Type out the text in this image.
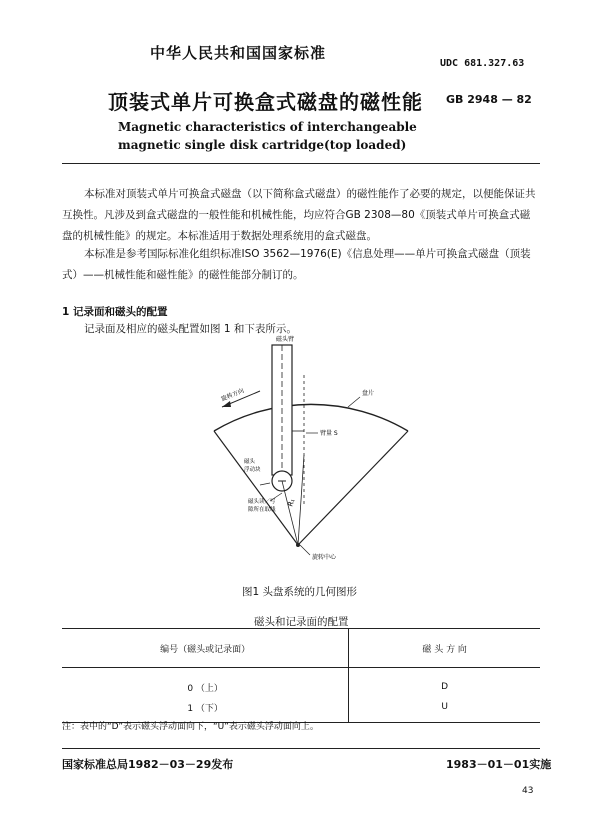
中华人民共和国国家标准
UDC 681.327.63
顶装式单片可换盒式磁盘的磁性能 GB 2948 — 82
Magnetic characteristics of interchangeable
magnetic single disk cartridge(top loaded)
本标准对顶装式单片可换盒式磁盘（以下简称盒式磁盘）的磁性能作了必要的规定，以便能保证共互换性。凡涉及到盒式磁盘的一般性能和机械性能，均应符合GB 2308—80《顶装式单片可换盒式磁盘的机械性能》的规定。本标准适用于数据处理系统用的盒式磁盘。
本标准是参考国际标准化组织标准ISO 3562—1976(E)《信息处理——单片可换盒式磁盘（顶装式）——机械性能和磁性能》的磁性能部分制订的。
1 记录面和磁头的配置
记录面及相应的磁头配置如图 1 和下表所示。
磁头臂
旋转方向	盘片
臂量 S
磁头
浮动块
磁头读／写
隙所在取线
R₁
旋转中心
图1 头盘系统的几何图形
磁头和记录面的配置
编号（磁头或记录面）	磁 头 方 向
0 （上）	D
1 （下）	U
注：表中的“D”表示磁头浮动面向下，“U”表示磁头浮动面向上。
国家标准总局1982－03－29发布	1983－01－01实施
43
